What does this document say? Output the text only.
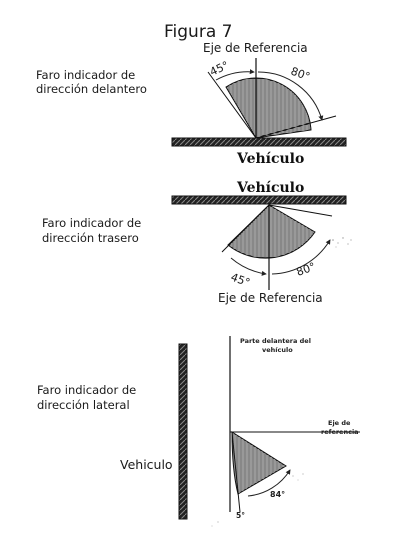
Figura 7
Eje de Referencia
Faro indicador de
dirección delantero
45°	80°
Vehículo
Vehículo
Faro indicador de
dirección trasero
45°
80°
Eje de Referencia
Faro indicador de
dirección lateral
Vehiculo
Parte delantera del
vehículo
Eje de
referencia
84°
5°
